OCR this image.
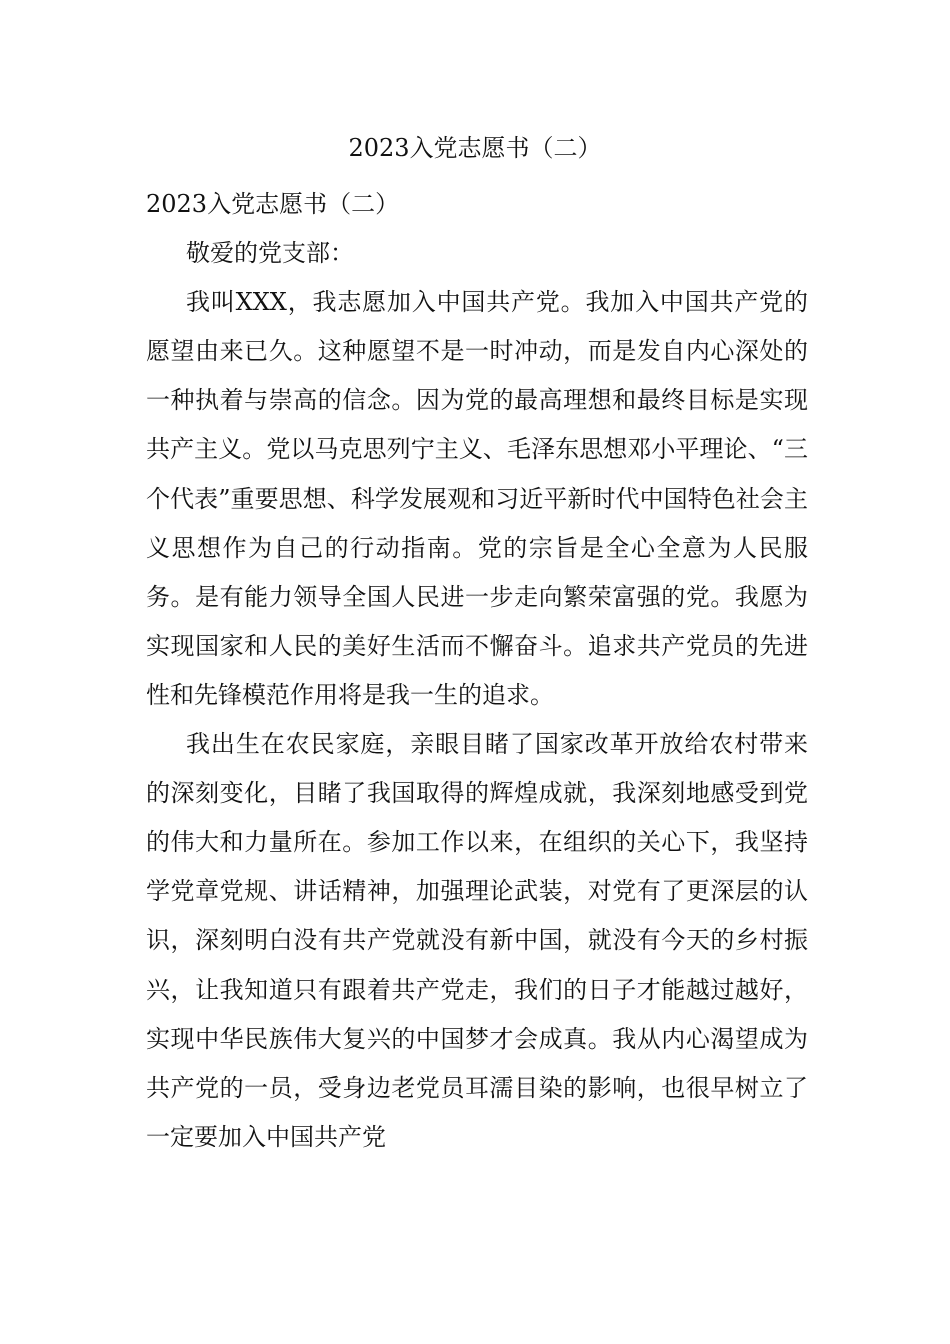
2023入党志愿书（二）

2023入党志愿书（二）

敬爱的党支部：

我叫XXX，我志愿加入中国共产党。我加入中国共产党的愿望由来已久。这种愿望不是一时冲动，而是发自内心深处的一种执着与崇高的信念。因为党的最高理想和最终目标是实现共产主义。党以马克思列宁主义、毛泽东思想邓小平理论、“三个代表”重要思想、科学发展观和习近平新时代中国特色社会主义思想作为自己的行动指南。党的宗旨是全心全意为人民服务。是有能力领导全国人民进一步走向繁荣富强的党。我愿为实现国家和人民的美好生活而不懈奋斗。追求共产党员的先进性和先锋模范作用将是我一生的追求。

我出生在农民家庭，亲眼目睹了国家改革开放给农村带来的深刻变化，目睹了我国取得的辉煌成就，我深刻地感受到党的伟大和力量所在。参加工作以来，在组织的关心下，我坚持学党章党规、讲话精神，加强理论武装，对党有了更深层的认识，深刻明白没有共产党就没有新中国，就没有今天的乡村振兴，让我知道只有跟着共产党走，我们的日子才能越过越好，实现中华民族伟大复兴的中国梦才会成真。我从内心渴望成为共产党的一员，受身边老党员耳濡目染的影响，也很早树立了一定要加入中国共产党
